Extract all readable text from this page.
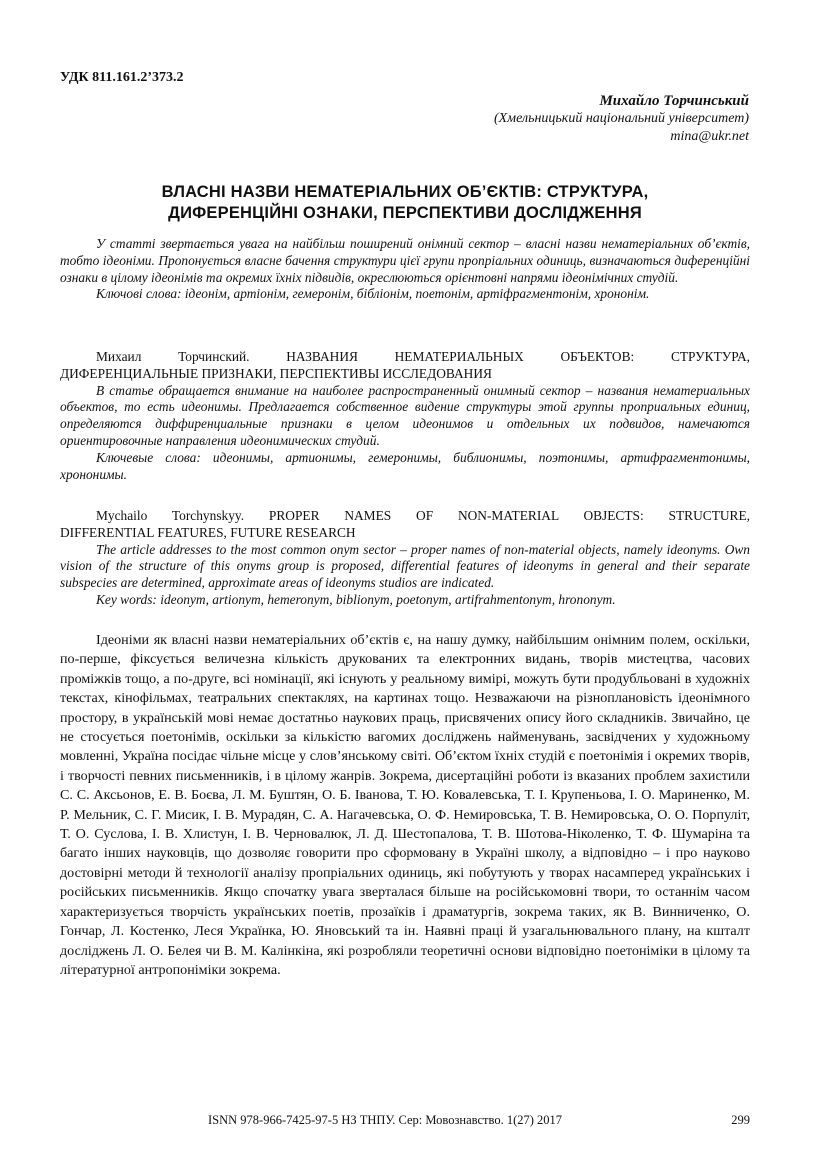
УДК 811.161.2’373.2
Михайло Торчинський
(Хмельницький національний університет)
mina@ukr.net
ВЛАСНІ НАЗВИ НЕМАТЕРІАЛЬНИХ ОБ’ЄКТІВ: СТРУКТУРА,
ДИФЕРЕНЦІЙНІ ОЗНАКИ, ПЕРСПЕКТИВИ ДОСЛІДЖЕННЯ

У статті звертається увага на найбільш поширений онімний сектор – власні назви нематеріальних об’єктів, тобто ідеоніми. Пропонується власне бачення структури цієї групи пропріальних одиниць, визначаються диференційні ознаки в цілому ідеонімів та окремих їхніх підвидів, окреслюються орієнтовні напрями ідеонімічних студій.

Ключові слова: ідеонім, артіонім, гемеронім, бібліонім, поетонім, артіфрагментонім, хрононім.

Михаил Торчинский. НАЗВАНИЯ НЕМАТЕРИАЛЬНЫХ ОБЪЕКТОВ: СТРУКТУРА,

ДИФЕРЕНЦИАЛЬНЫЕ ПРИЗНАКИ, ПЕРСПЕКТИВЫ ИССЛЕДОВАНИЯ

В статье обращается внимание на наиболее распространенный онимный сектор – названия нематериальных объектов, то есть идеонимы. Предлагается собственное видение структуры этой группы проприальных единиц, определяются диффиренциальные признаки в целом идеонимов и отдельных их подвидов, намечаются ориентировочные направления идеонимических студий.

Ключевые слова: идеонимы, артионимы, гемеронимы, библионимы, поэтонимы, артифрагментонимы, хрононимы.

Mychailo Torchynskyy. PROPER NAMES OF NON-MATERIAL OBJECTS: STRUCTURE,

DIFFERENTIAL FEATURES, FUTURE RESEARCH

The article addresses to the most common onym sector – proper names of non-material objects, namely ideonyms. Own vision of the structure of this onyms group is proposed, differential features of ideonyms in general and their separate subspecies are determined, approximate areas of ideonyms studios are indicated.

Key words: ideonym, artionym, hemeronym, biblionym, poetonym, artifrahmentonym, hrononym.

Ідеоніми як власні назви нематеріальних об’єктів є, на нашу думку, найбільшим онімним полем, оскільки, по-перше, фіксується величезна кількість друкованих та електронних видань, творів мистецтва, часових проміжків тощо, а по-друге, всі номінації, які існують у реальному вимірі, можуть бути продубльовані в художніх текстах, кінофільмах, театральних спектаклях, на картинах тощо. Незважаючи на різноплановість ідеонімного простору, в українській мові немає достатньо наукових праць, присвячених опису його складників. Звичайно, це не стосується поетонімів, оскільки за кількістю вагомих досліджень найменувань, засвідчених у художньому мовленні, Україна посідає чільне місце у слов’янському світі. Об’єктом їхніх студій є поетонімія і окремих творів, і творчості певних письменників, і в цілому жанрів. Зокрема, дисертаційні роботи із вказаних проблем захистили С. С. Аксьонов, Е. В. Боєва, Л. М. Буштян, О. Б. Іванова, Т. Ю. Ковалевська, Т. І. Крупеньова, І. О. Мариненко, М. Р. Мельник, С. Г. Мисик, І. В. Мурадян, С. А. Нагачевська, О. Ф. Немировська, Т. В. Немировська, О. О. Порпуліт, Т. О. Суслова, І. В. Хлистун, І. В. Черновалюк, Л. Д. Шестопалова, Т. В. Шотова-Ніколенко, Т. Ф. Шумаріна та багато інших науковців, що дозволяє говорити про сформовану в Україні школу, а відповідно – і про науково достовірні методи й технології аналізу пропріальних одиниць, які побутують у творах насамперед українських і російських письменників. Якщо спочатку увага зверталася більше на російськомовні твори, то останнім часом характеризується творчість українських поетів, прозаїків і драматургів, зокрема таких, як В. Винниченко, О. Гончар, Л. Костенко, Леся Українка, Ю. Яновський та ін. Наявні праці й узагальнювального плану, на кшталт досліджень Л. О. Белея чи В. М. Калінкіна, які розробляли теоретичні основи відповідно поетоніміки в цілому та літературної антропоніміки зокрема.

ISNN 978-966-7425-97-5 НЗ ТНПУ. Сер: Мовознавство. 1(27) 2017	299
